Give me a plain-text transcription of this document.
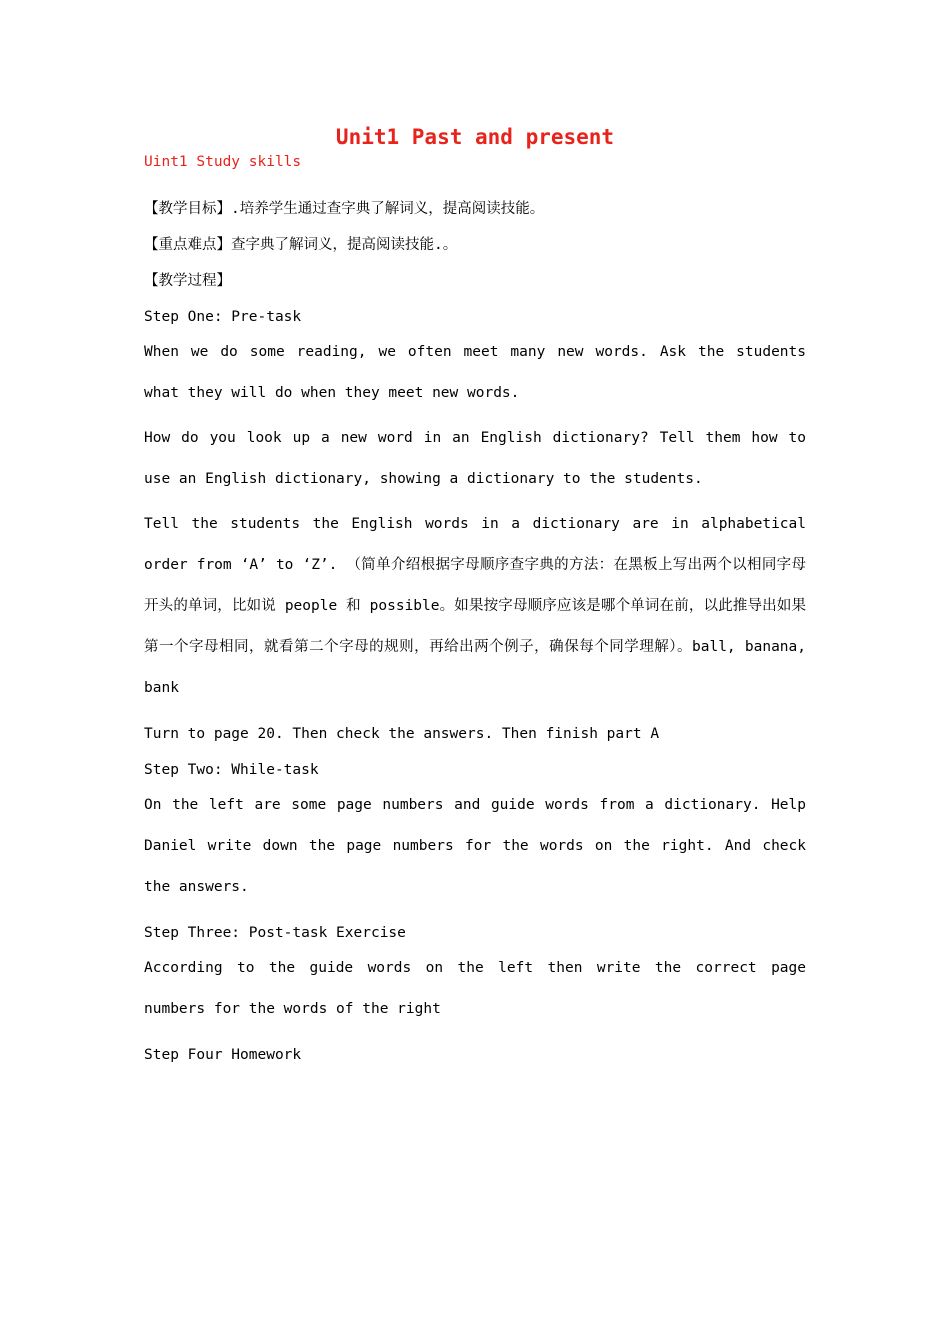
Unit1 Past and present

Uint1 Study skills

【教学目标】.培养学生通过查字典了解词义，提高阅读技能。

【重点难点】查字典了解词义，提高阅读技能.。

【教学过程】

Step One: Pre-task

When we do some reading, we often meet many new words. Ask the students what they will do when they meet new words.

How do you look up a new word in an English dictionary? Tell them how to use an English dictionary, showing a dictionary to the students.

Tell the students the English words in a dictionary are in alphabetical order from ‘A’ to ‘Z’. （简单介绍根据字母顺序查字典的方法：在黑板上写出两个以相同字母开头的单词，比如说 people 和 possible。如果按字母顺序应该是哪个单词在前，以此推导出如果第一个字母相同，就看第二个字母的规则，再给出两个例子，确保每个同学理解）。ball, banana, bank

Turn to page 20. Then check the answers. Then finish part A

Step Two: While-task

On the left are some page numbers and guide words from a dictionary. Help Daniel write down the page numbers for the words on the right. And check the answers.

Step Three: Post-task Exercise

According to the guide words on the left then write the correct page numbers for the words of the right

Step Four Homework
